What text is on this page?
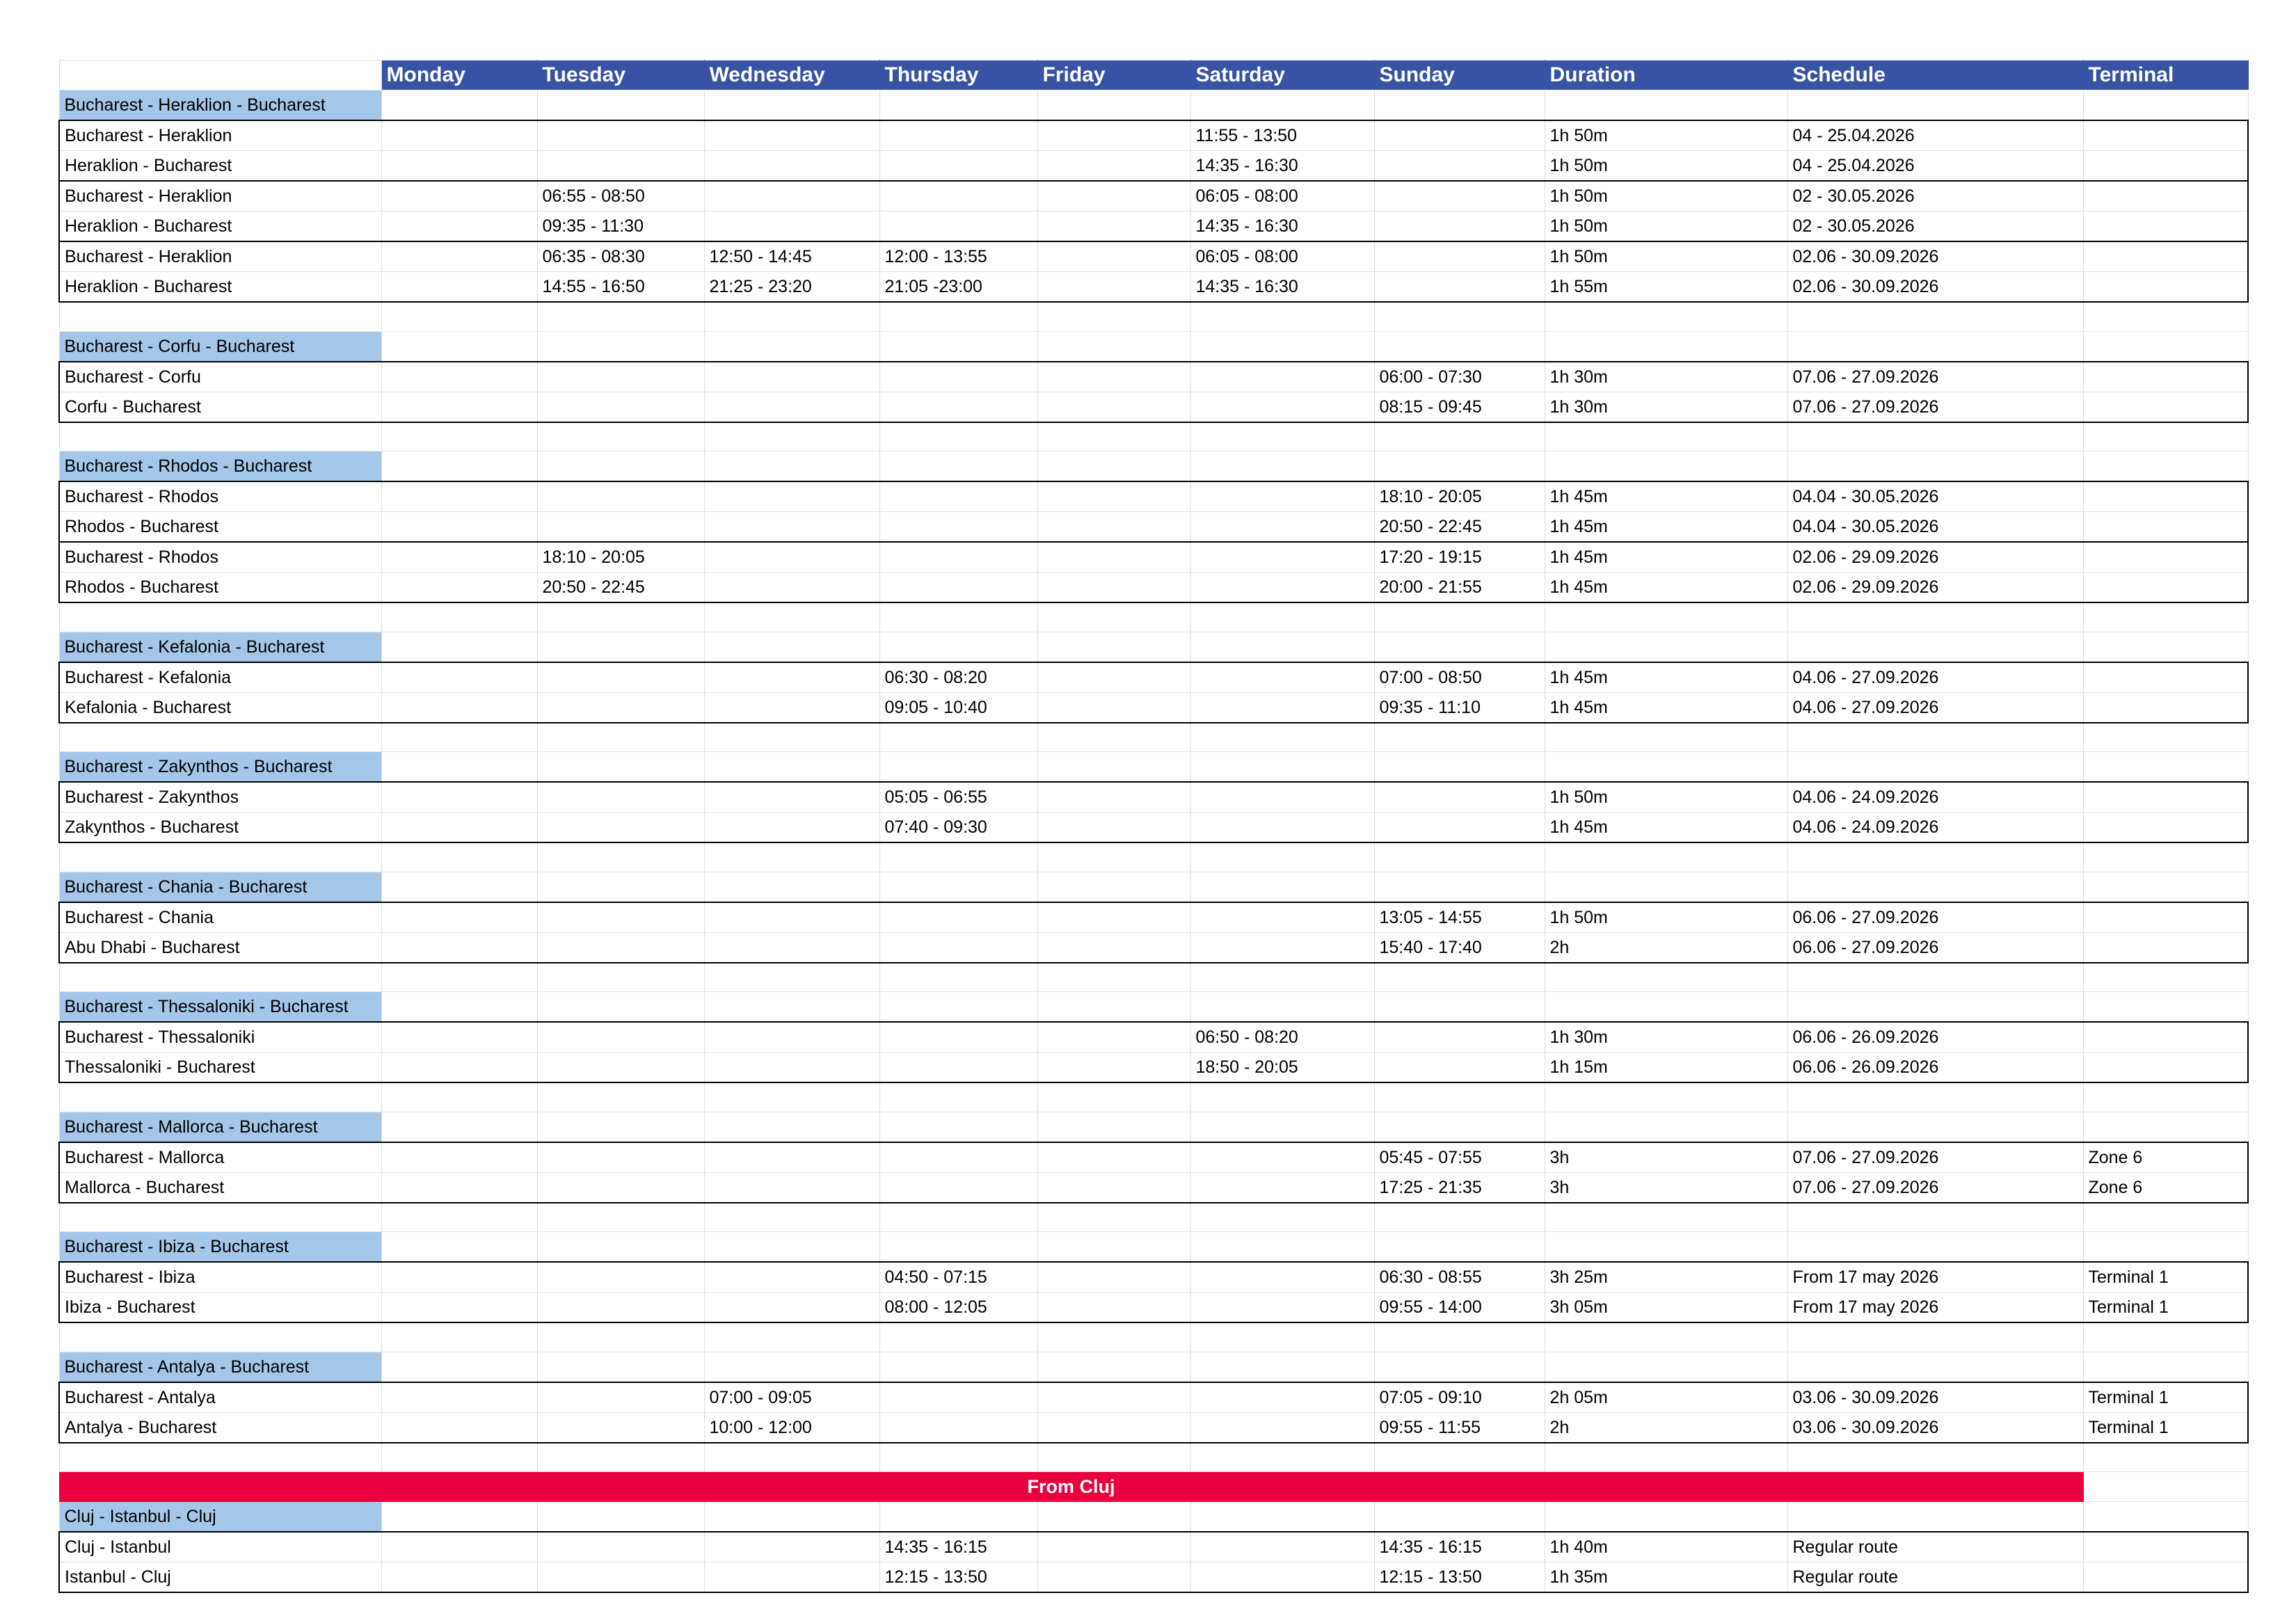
	Monday	Tuesday	Wednesday	Thursday	Friday	Saturday	Sunday	Duration	Schedule	Terminal
Bucharest - Heraklion - Bucharest										
Bucharest - Heraklion						11:55 - 13:50		1h 50m	04 - 25.04.2026	
Heraklion - Bucharest						14:35 - 16:30		1h 50m	04 - 25.04.2026	
Bucharest - Heraklion		06:55 - 08:50				06:05 - 08:00		1h 50m	02 - 30.05.2026	
Heraklion - Bucharest		09:35 - 11:30				14:35 - 16:30		1h 50m	02 - 30.05.2026	
Bucharest - Heraklion		06:35 - 08:30	12:50 - 14:45	12:00 - 13:55		06:05 - 08:00		1h 50m	02.06 - 30.09.2026	
Heraklion - Bucharest		14:55 - 16:50	21:25 - 23:20	21:05 -23:00		14:35 - 16:30		1h 55m	02.06 - 30.09.2026	

Bucharest - Corfu - Bucharest										
Bucharest - Corfu							06:00 - 07:30	1h 30m	07.06 - 27.09.2026	
Corfu - Bucharest							08:15 - 09:45	1h 30m	07.06 - 27.09.2026	

Bucharest - Rhodos - Bucharest										
Bucharest - Rhodos							18:10 - 20:05	1h 45m	04.04 - 30.05.2026	
Rhodos - Bucharest							20:50 - 22:45	1h 45m	04.04 - 30.05.2026	
Bucharest - Rhodos		18:10 - 20:05					17:20 - 19:15	1h 45m	02.06 - 29.09.2026	
Rhodos - Bucharest		20:50 - 22:45					20:00 - 21:55	1h 45m	02.06 - 29.09.2026	

Bucharest - Kefalonia - Bucharest										
Bucharest - Kefalonia				06:30 - 08:20			07:00 - 08:50	1h 45m	04.06 - 27.09.2026	
Kefalonia - Bucharest				09:05 - 10:40			09:35 - 11:10	1h 45m	04.06 - 27.09.2026	

Bucharest - Zakynthos - Bucharest										
Bucharest - Zakynthos				05:05 - 06:55				1h 50m	04.06 - 24.09.2026	
Zakynthos - Bucharest				07:40 - 09:30				1h 45m	04.06 - 24.09.2026	

Bucharest - Chania - Bucharest										
Bucharest - Chania							13:05 - 14:55	1h 50m	06.06 - 27.09.2026	
Abu Dhabi - Bucharest							15:40 - 17:40	2h	06.06 - 27.09.2026	

Bucharest - Thessaloniki - Bucharest										
Bucharest - Thessaloniki						06:50 - 08:20		1h 30m	06.06 - 26.09.2026	
Thessaloniki - Bucharest						18:50 - 20:05		1h 15m	06.06 - 26.09.2026	

Bucharest - Mallorca - Bucharest										
Bucharest - Mallorca							05:45 - 07:55	3h	07.06 - 27.09.2026	Zone 6
Mallorca - Bucharest							17:25 - 21:35	3h	07.06 - 27.09.2026	Zone 6

Bucharest - Ibiza - Bucharest										
Bucharest - Ibiza				04:50 - 07:15			06:30 - 08:55	3h 25m	From 17 may 2026	Terminal 1
Ibiza - Bucharest				08:00 - 12:05			09:55 - 14:00	3h 05m	From 17 may 2026	Terminal 1

Bucharest - Antalya - Bucharest										
Bucharest - Antalya			07:00 - 09:05				07:05 - 09:10	2h 05m	03.06 - 30.09.2026	Terminal 1
Antalya - Bucharest			10:00 - 12:00				09:55 - 11:55	2h	03.06 - 30.09.2026	Terminal 1

From Cluj										
Cluj - Istanbul - Cluj										
Cluj - Istanbul				14:35 - 16:15			14:35 - 16:15	1h 40m	Regular route	
Istanbul - Cluj				12:15 - 13:50			12:15 - 13:50	1h 35m	Regular route	
